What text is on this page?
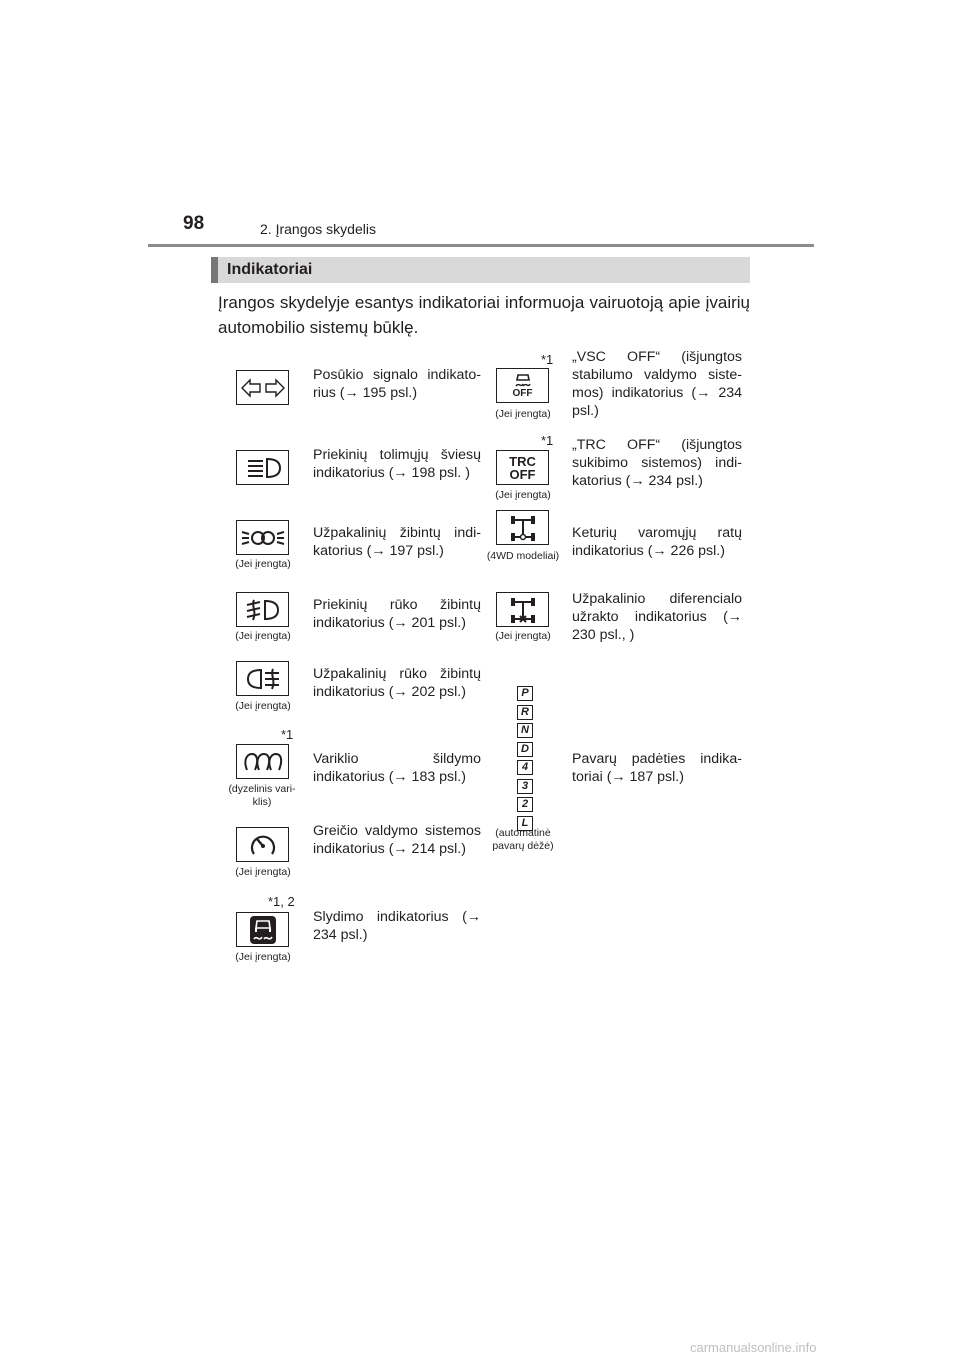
98	2. Įrangos skydelis
Indikatoriai
Įrangos skydelyje esantys indikatoriai informuoja vairuotoją apie įvairių automobilio sistemų būklę.
Posūkio signalo indikatorius (→ 195 psl.)
Priekinių tolimųjų šviesų indikatorius (→ 198 psl. )
(Jei įrengta)
Užpakalinių žibintų indikatorius (→ 197 psl.)
(Jei įrengta)
Priekinių rūko žibintų indikatorius (→ 201 psl.)
(Jei įrengta)
Užpakalinių rūko žibintų indikatorius (→ 202 psl.)
*1
(dyzelinis variklis)
Variklio šildymo indikatorius (→ 183 psl.)
(Jei įrengta)
Greičio valdymo sistemos indikatorius (→ 214 psl.)
*1, 2
(Jei įrengta)
Slydimo indikatorius (→ 234 psl.)
*1
OFF
(Jei įrengta)
„VSC OFF“ (išjungtos stabilumo valdymo sistemos) indikatorius (→ 234 psl.)
*1
TRC OFF
(Jei įrengta)
„TRC OFF“ (išjungtos sukibimo sistemos) indikatorius (→ 234 psl.)
(4WD modeliai)
Keturių varomųjų ratų indikatorius (→ 226 psl.)
(Jei įrengta)
Užpakalinio diferencialo užrakto indikatorius (→ 230 psl., )
P
R
N
D
4
3
2
L
(automatinė pavarų dėžė)
Pavarų padėties indikatoriai (→ 187 psl.)
carmanualsonline.info
